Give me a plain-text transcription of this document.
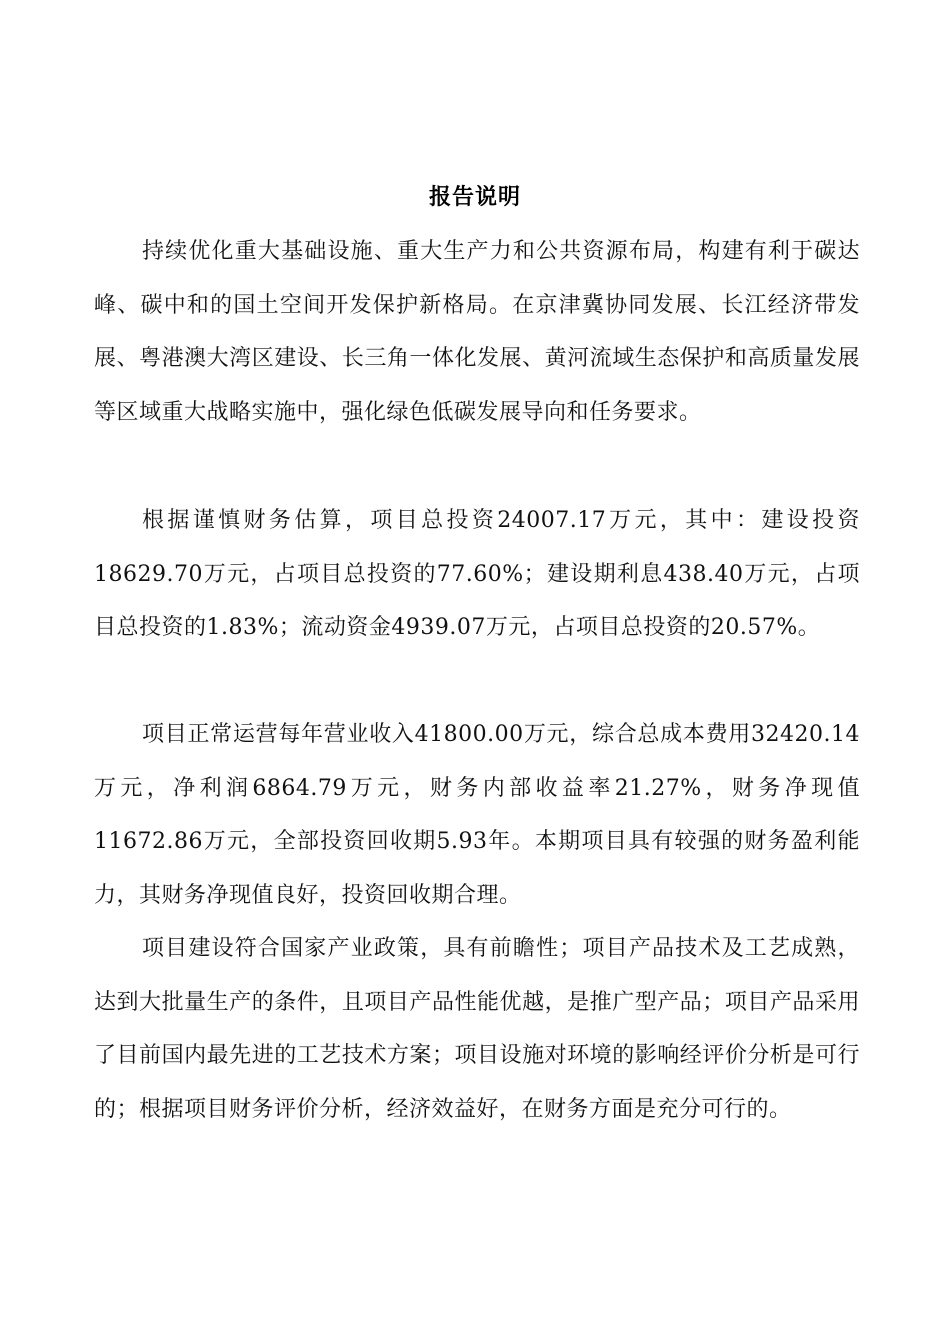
报告说明

持续优化重大基础设施、重大生产力和公共资源布局，构建有利于碳达峰、碳中和的国土空间开发保护新格局。在京津冀协同发展、长江经济带发展、粤港澳大湾区建设、长三角一体化发展、黄河流域生态保护和高质量发展等区域重大战略实施中，强化绿色低碳发展导向和任务要求。

根据谨慎财务估算，项目总投资24007.17万元，其中：建设投资18629.70万元，占项目总投资的77.60%；建设期利息438.40万元，占项目总投资的1.83%；流动资金4939.07万元，占项目总投资的20.57%。

项目正常运营每年营业收入41800.00万元，综合总成本费用32420.14万元，净利润6864.79万元，财务内部收益率21.27%，财务净现值11672.86万元，全部投资回收期5.93年。本期项目具有较强的财务盈利能力，其财务净现值良好，投资回收期合理。

项目建设符合国家产业政策，具有前瞻性；项目产品技术及工艺成熟，达到大批量生产的条件，且项目产品性能优越，是推广型产品；项目产品采用了目前国内最先进的工艺技术方案；项目设施对环境的影响经评价分析是可行的；根据项目财务评价分析，经济效益好，在财务方面是充分可行的。
